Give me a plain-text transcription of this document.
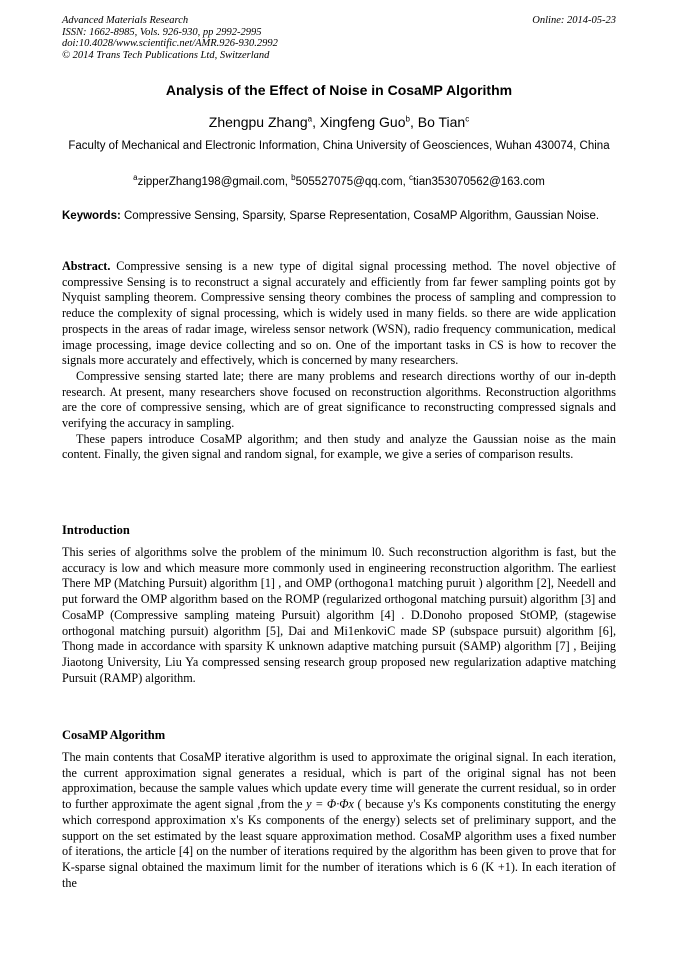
Advanced Materials Research
ISSN: 1662-8985, Vols. 926-930, pp 2992-2995
doi:10.4028/www.scientific.net/AMR.926-930.2992
© 2014 Trans Tech Publications Ltd, Switzerland
Online: 2014-05-23
Analysis of the Effect of Noise in CosaMP Algorithm
Zhengpu Zhang$^a$, Xingfeng Guo$^b$, Bo Tian$^c$
Faculty of Mechanical and Electronic Information, China University of Geosciences, Wuhan 430074, China
$^a$zipperZhang198@gmail.com, $^b$505527075@qq.com, $^c$tian353070562@163.com
Keywords: Compressive Sensing, Sparsity, Sparse Representation, CosaMP Algorithm, Gaussian Noise.

Abstract. Compressive sensing is a new type of digital signal processing method. The novel objective of compressive Sensing is to reconstruct a signal accurately and efficiently from far fewer sampling points got by Nyquist sampling theorem. Compressive sensing theory combines the process of sampling and compression to reduce the complexity of signal processing, which is widely used in many fields. so there are wide application prospects in the areas of radar image, wireless sensor network (WSN), radio frequency communication, medical image processing, image device collecting and so on. One of the important tasks in CS is how to recover the signals more accurately and effectively, which is concerned by many researchers.

Compressive sensing started late; there are many problems and research directions worthy of our in-depth research. At present, many researchers shove focused on reconstruction algorithms. Reconstruction algorithms are the core of compressive sensing, which are of great significance to reconstructing compressed signals and verifying the accuracy in sampling.

These papers introduce CosaMP algorithm; and then study and analyze the Gaussian noise as the main content. Finally, the given signal and random signal, for example, we give a series of comparison results.

Introduction

This series of algorithms solve the problem of the minimum l0. Such reconstruction algorithm is fast, but the accuracy is low and which measure more commonly used in engineering reconstruction algorithm. The earliest There MP (Matching Pursuit) algorithm [1] , and OMP (orthogona1 matching puruit ) algorithm [2], Needell and put forward the OMP algorithm based on the ROMP (regularized orthogonal matching pursuit) algorithm [3] and CosaMP (Compressive sampling mateing Pursuit) algorithm [4] . D.Donoho proposed StOMP, (stagewise orthogonal matching pursuit) algorithm [5], Dai and Mi1enkoviC made SP (subspace pursuit) algorithm [6], Thong made in accordance with sparsity K unknown adaptive matching pursuit (SAMP) algorithm [7] , Beijing Jiaotong University, Liu Ya compressed sensing research group proposed new regularization adaptive matching Pursuit (RAMP) algorithm.

CosaMP Algorithm

The main contents that CosaMP iterative algorithm is used to approximate the original signal. In each iteration, the current approximation signal generates a residual, which is part of the original signal has not been approximation, because the sample values which update every time will generate the current residual, so in order to further approximate the agent signal ,from the y = Φ·Φx ( because y's Ks components constituting the energy which correspond approximation x's Ks components of the energy) selects set of preliminary support, and the support on the set estimated by the least square approximation method. CosaMP algorithm uses a fixed number of iterations, the article [4] on the number of iterations required by the algorithm has been given to prove that for K-sparse signal obtained the maximum limit for the number of iterations which is 6 (K +1). In each iteration of the
